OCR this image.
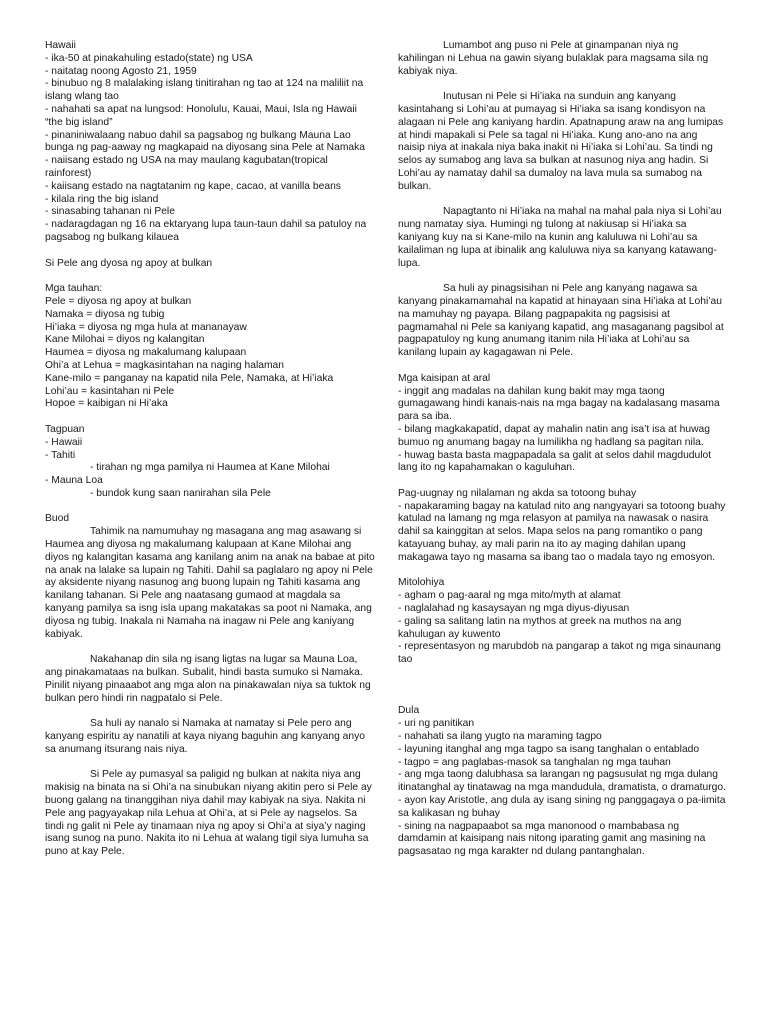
Hawaii
- ika-50 at pinakahuling estado(state) ng USA
- naitatag noong Agosto 21, 1959
- binubuo ng 8 malalaking islang tinitirahan ng tao at 124 na maliliit na islang wlang tao
- nahahati sa apat na lungsod: Honolulu, Kauai, Maui, Isla ng Hawaii “the big island”
- pinaniniwalaang nabuo dahil sa pagsabog ng bulkang Mauna Lao bunga ng pag-aaway ng magkapaid na diyosang sina Pele at Namaka
- naiisang estado ng USA na may maulang kagubatan(tropical rainforest)
- kaiisang estado na nagtatanim ng kape, cacao, at vanilla beans
- kilala ring the big island
- sinasabing tahanan ni Pele
- nadaragdagan ng 16 na ektaryang lupa taun-taun dahil sa patuloy na pagsabog ng bulkang kilauea
Si Pele ang dyosa ng apoy at bulkan
Mga tauhan:
Pele = diyosa ng apoy at bulkan
Namaka = diyosa ng tubig
Hi’iaka = diyosa ng mga hula at mananayaw
Kane Milohai = diyos ng kalangitan
Haumea = diyosa ng makalumang kalupaan
Ohi’a at Lehua = magkasintahan na naging halaman
Kane-milo = panganay na kapatid nila Pele, Namaka, at Hi’iaka
Lohi’au = kasintahan ni Pele
Hopoe = kaibigan ni Hi’aka
Tagpuan
- Hawaii
- Tahiti
- tirahan ng mga pamilya ni Haumea at Kane Milohai
- Mauna Loa
- bundok kung saan nanirahan sila Pele
Buod
Tahimik na namumuhay ng masagana ang mag asawang si Haumea ang diyosa ng makalumang kalupaan at Kane Milohai ang diyos ng kalangitan kasama ang kanilang anim na anak na babae at pito na anak na lalake sa lupain ng Tahiti. Dahil sa paglalaro ng apoy ni Pele ay aksidente niyang nasunog ang buong lupain ng Tahiti kasama ang kanilang tahanan. Si Pele ang naatasang gumaod at magdala sa kanyang pamilya sa isng isla upang makatakas sa poot ni Namaka, ang diyosa ng tubig. Inakala ni Namaha na inagaw ni Pele ang kaniyang kabiyak.
Nakahanap din sila ng isang ligtas na lugar sa Mauna Loa, ang pinakamataas na bulkan. Subalit, hindi basta sumuko si Namaka. Pinilit niyang pinaaabot ang mga alon na pinakawalan niya sa tuktok ng bulkan pero hindi rin nagpatalo si Pele.
Sa huli ay nanalo si Namaka at namatay si Pele pero ang kanyang espiritu ay nanatili at kaya niyang baguhin ang kanyang anyo sa anumang itsurang nais niya.
Si Pele ay pumasyal sa paligid ng bulkan at nakita niya ang makisig na binata na si Ohi’a na sinubukan niyang akitin pero si Pele ay buong galang na tinanggihan niya dahil may kabiyak na siya. Nakita ni Pele ang pagyayakap nila Lehua at Ohi’a, at si Pele ay nagselos. Sa tindi ng galit ni Pele ay tinamaan niya ng apoy si Ohi’a at siya’y naging isang sunog na puno. Nakita ito ni Lehua at walang tigil siya lumuha sa puno at kay Pele.
Lumambot ang puso ni Pele at ginampanan niya ng kahilingan ni Lehua na gawin siyang bulaklak para magsama sila ng kabiyak niya.
Inutusan ni Pele si Hi’iaka na sunduin ang kanyang kasintahang si Lohi’au at pumayag si Hi’iaka sa isang kondisyon na alagaan ni Pele ang kaniyang hardin. Apatnapung araw na ang lumipas at hindi mapakali si Pele sa tagal ni Hi’iaka. Kung ano-ano na ang naisip niya at inakala niya baka inakit ni Hi’iaka si Lohi’au. Sa tindi ng selos ay sumabog ang lava sa bulkan at nasunog niya ang hadin. Si Lohi’au ay namatay dahil sa dumaloy na lava mula sa sumabog na bulkan.
Napagtanto ni Hi’iaka na mahal na mahal pala niya si Lohi’au nung namatay siya. Humingi ng tulong at nakiusap si Hi’iaka sa kaniyang kuy na si Kane-milo na kunin ang kaluluwa ni Lohi’au sa kailaliman ng lupa at ibinalik ang kaluluwa niya sa kanyang katawang-lupa.
Sa huli ay pinagsisihan ni Pele ang kanyang nagawa sa kanyang pinakamamahal na kapatid at hinayaan sina Hi’iaka at Lohi’au na mamuhay ng payapa. Bilang pagpapakita ng pagsisisi at pagmamahal ni Pele sa kaniyang kapatid, ang masaganang pagsibol at pagpapatuloy ng kung anumang itanim nila Hi’iaka at Lohi’au sa kanilang lupain ay kagagawan ni Pele.
Mga kaisipan at aral
- inggit ang madalas na dahilan kung bakit may mga taong gumagawang hindi kanais-nais na mga bagay na kadalasang masama para sa iba.
- bilang magkakapatid, dapat ay mahalin natin ang isa’t isa at huwag bumuo ng anumang bagay na lumilikha ng hadlang sa pagitan nila.
- huwag basta basta magpapadala sa galit at selos dahil magdudulot lang ito ng kapahamakan o kaguluhan.
Pag-uugnay ng nilalaman ng akda sa totoong buhay
- napakaraming bagay na katulad nito ang nangyayari sa totoong buahy katulad na lamang ng mga relasyon at pamilya na nawasak o nasira dahil sa kainggitan at selos. Mapa selos na pang romantiko o pang katayuang buhay, ay mali parin na ito ay maging dahilan upang makagawa tayo ng masama sa ibang tao o madala tayo ng emosyon.
Mitolohiya
- agham o pag-aaral ng mga mito/myth at alamat
- naglalahad ng kasaysayan ng mga diyus-diyusan
- galing sa salitang latin na mythos at greek na muthos na ang kahulugan ay kuwento
- representasyon ng marubdob na pangarap a takot ng mga sinaunang tao
Dula
- uri ng panitikan
- nahahati sa ilang yugto na maraming tagpo
- layuning itanghal ang mga tagpo sa isang tanghalan o entablado
- tagpo = ang paglabas-masok sa tanghalan ng mga tauhan
- ang mga taong dalubhasa sa larangan ng pagsusulat ng mga dulang itinatanghal ay tinatawag na mga mandudula, dramatista, o dramaturgo.
- ayon kay Aristotle, ang dula ay isang sining ng panggagaya o pa-iimita sa kalikasan ng buhay
- sining na nagpapaabot sa mga manonood o mambabasa ng damdamin at kaisipang nais nitong iparating gamit ang masining na pagsasatao ng mga karakter nd dulang pantanghalan.
